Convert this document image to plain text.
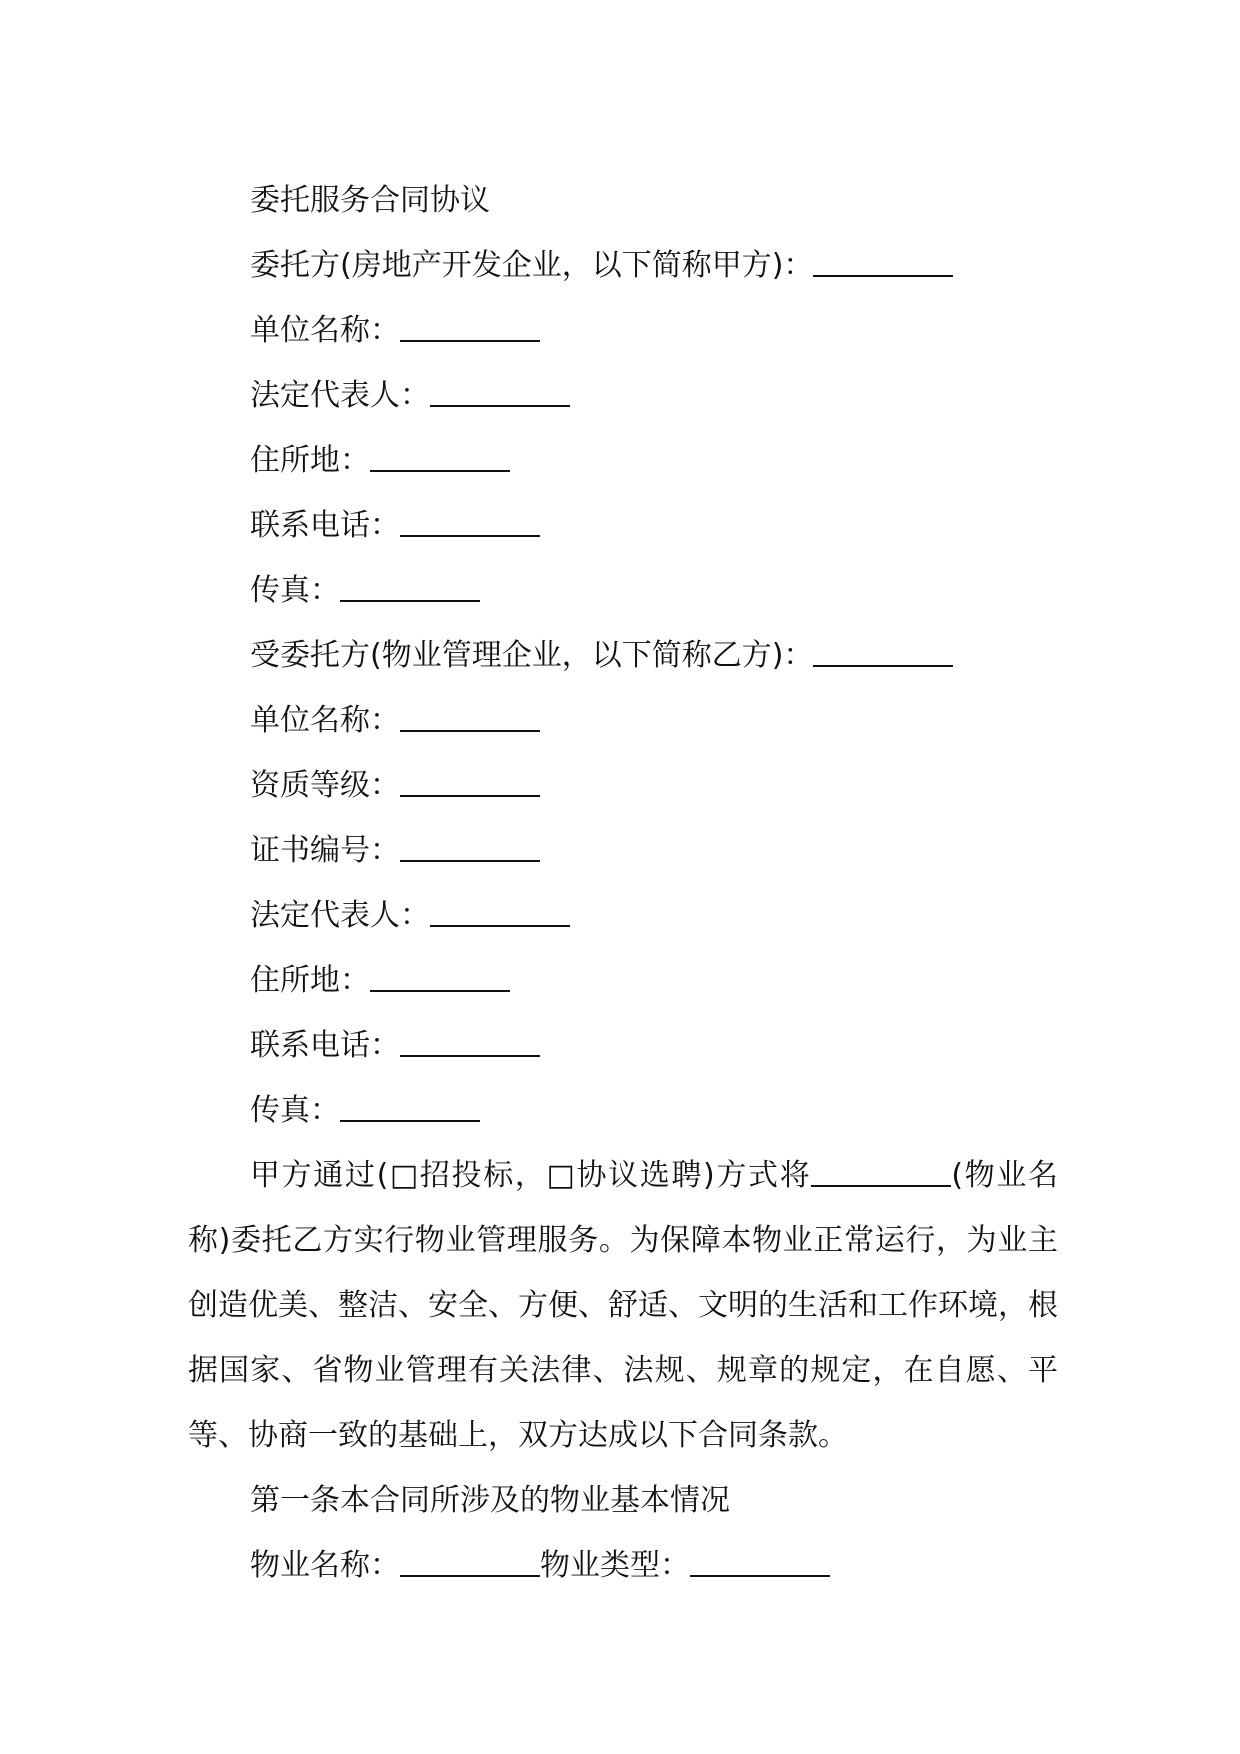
委托服务合同协议

委托方(房地产开发企业，以下简称甲方)：

单位名称：

法定代表人：

住所地：

联系电话：

传真：

受委托方(物业管理企业，以下简称乙方)：

单位名称：

资质等级：

证书编号：

法定代表人：

住所地：

联系电话：

传真：

甲方通过(□招投标，□协议选聘)方式将	(物业名称)委托乙方实行物业管理服务。为保障本物业正常运行，为业主创造优美、整洁、安全、方便、舒适、文明的生活和工作环境，根据国家、省物业管理有关法律、法规、规章的规定，在自愿、平等、协商一致的基础上，双方达成以下合同条款。

第一条本合同所涉及的物业基本情况

物业名称：	物业类型：
